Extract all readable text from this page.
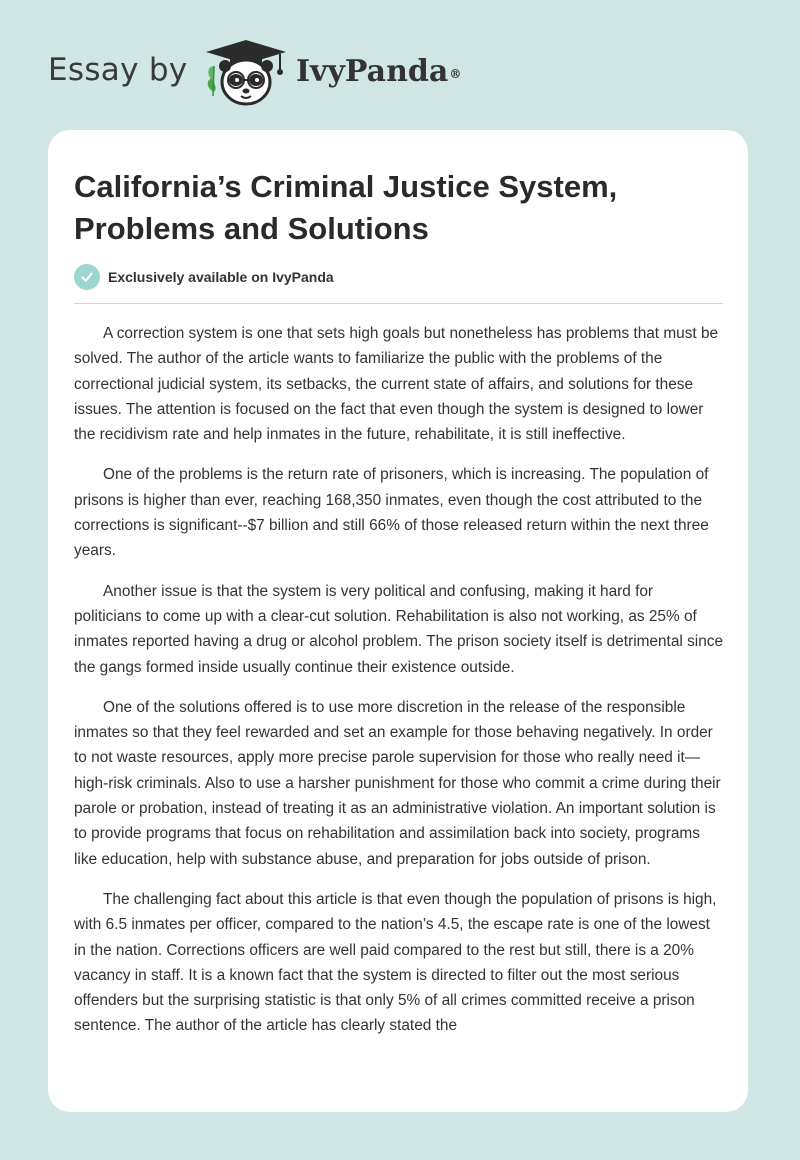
Essay by	IvyPanda®
California’s Criminal Justice System, Problems and Solutions
Exclusively available on IvyPanda

A correction system is one that sets high goals but nonetheless has problems that must be solved. The author of the article wants to familiarize the public with the problems of the correctional judicial system, its setbacks, the current state of affairs, and solutions for these issues. The attention is focused on the fact that even though the system is designed to lower the recidivism rate and help inmates in the future, rehabilitate, it is still ineffective.

One of the problems is the return rate of prisoners, which is increasing. The population of prisons is higher than ever, reaching 168,350 inmates, even though the cost attributed to the corrections is significant--$7 billion and still 66% of those released return within the next three years.

Another issue is that the system is very political and confusing, making it hard for politicians to come up with a clear-cut solution. Rehabilitation is also not working, as 25% of inmates reported having a drug or alcohol problem. The prison society itself is detrimental since the gangs formed inside usually continue their existence outside.

One of the solutions offered is to use more discretion in the release of the responsible inmates so that they feel rewarded and set an example for those behaving negatively. In order to not waste resources, apply more precise parole supervision for those who really need it—high-risk criminals. Also to use a harsher punishment for those who commit a crime during their parole or probation, instead of treating it as an administrative violation. An important solution is to provide programs that focus on rehabilitation and assimilation back into society, programs like education, help with substance abuse, and preparation for jobs outside of prison.

The challenging fact about this article is that even though the population of prisons is high, with 6.5 inmates per officer, compared to the nation’s 4.5, the escape rate is one of the lowest in the nation. Corrections officers are well paid compared to the rest but still, there is a 20% vacancy in staff. It is a known fact that the system is directed to filter out the most serious offenders but the surprising statistic is that only 5% of all crimes committed receive a prison sentence. The author of the article has clearly stated the
